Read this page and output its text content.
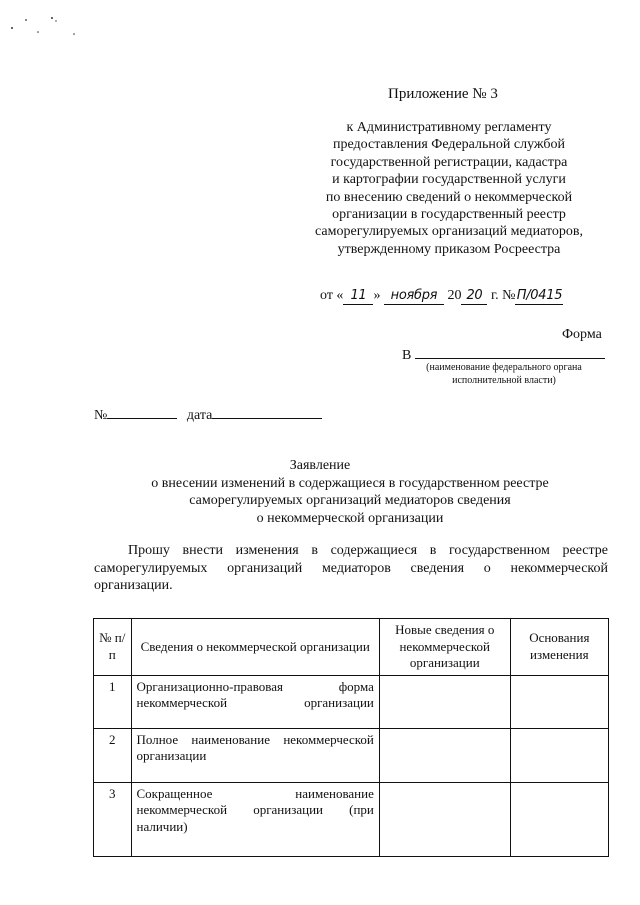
Приложение № 3
к Административному регламенту
предоставления Федеральной службой
государственной регистрации, кадастра
и картографии государственной услуги
по внесению сведений о некоммерческой
организации в государственный реестр
саморегулируемых организаций медиаторов,
утвержденному приказом Росреестра
от « 11 » ноября 20 20 г. №П/0415
Форма
В
(наименование федерального органа
исполнительной власти)
№	дата
Заявление
о внесении изменений в содержащиеся в государственном реестре
саморегулируемых организаций медиаторов сведения
о некоммерческой организации
Прошу внести изменения в содержащиеся в государственном реестре саморегулируемых организаций медиаторов сведения о некоммерческой организации.
№ п/п	Сведения о некоммерческой организации	Новые сведения о некоммерческой организации	Основания изменения
1	Организационно-правовая форма некоммерческой организации		
2	Полное наименование некоммерческой организации		
3	Сокращенное наименование некоммерческой организации (при наличии)		
